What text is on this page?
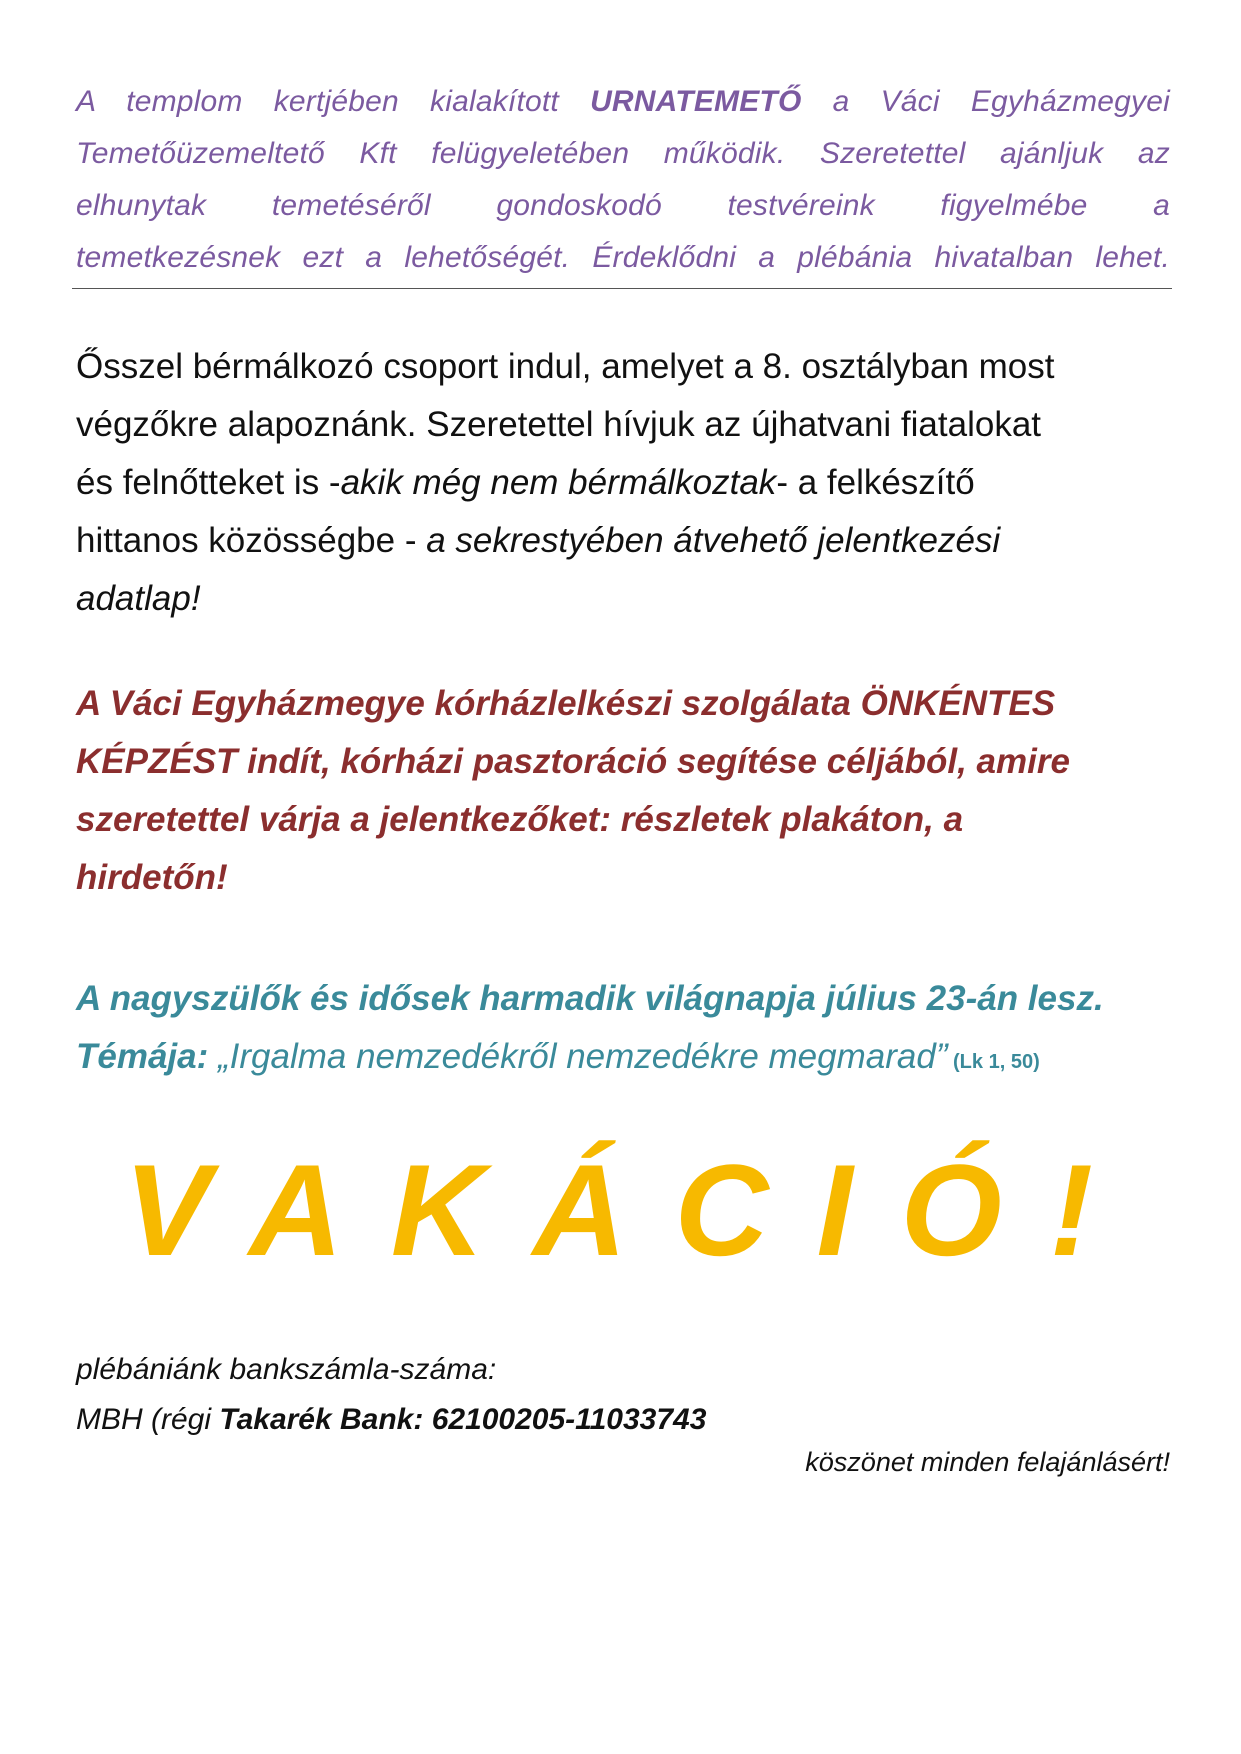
A templom kertjében kialakított URNATEMETŐ a Váci Egyházmegyei
Temetőüzemeltető Kft felügyeletében működik. Szeretettel ajánljuk az
elhunytak temetéséről gondoskodó testvéreink figyelmébe a
temetkezésnek ezt a lehetőségét. Érdeklődni a plébánia hivatalban lehet.
Ősszel bérmálkozó csoport indul, amelyet a 8. osztályban most
végzőkre alapoznánk. Szeretettel hívjuk az újhatvani fiatalokat
és felnőtteket is -akik még nem bérmálkoztak- a felkészítő
hittanos közösségbe - a sekrestyében átvehető jelentkezési
adatlap!
A Váci Egyházmegye kórházlelkészi szolgálata ÖNKÉNTES
KÉPZÉST indít, kórházi pasztoráció segítése céljából, amire
szeretettel várja a jelentkezőket: részletek plakáton, a
hirdetőn!
A nagyszülők és idősek harmadik világnapja július 23-án lesz.
Témája: „Irgalma nemzedékről nemzedékre megmarad” (Lk 1, 50)
VAKÁCIÓ!
plébániánk bankszámla-száma:
MBH (régi Takarék Bank: 62100205-11033743
köszönet minden felajánlásért!
